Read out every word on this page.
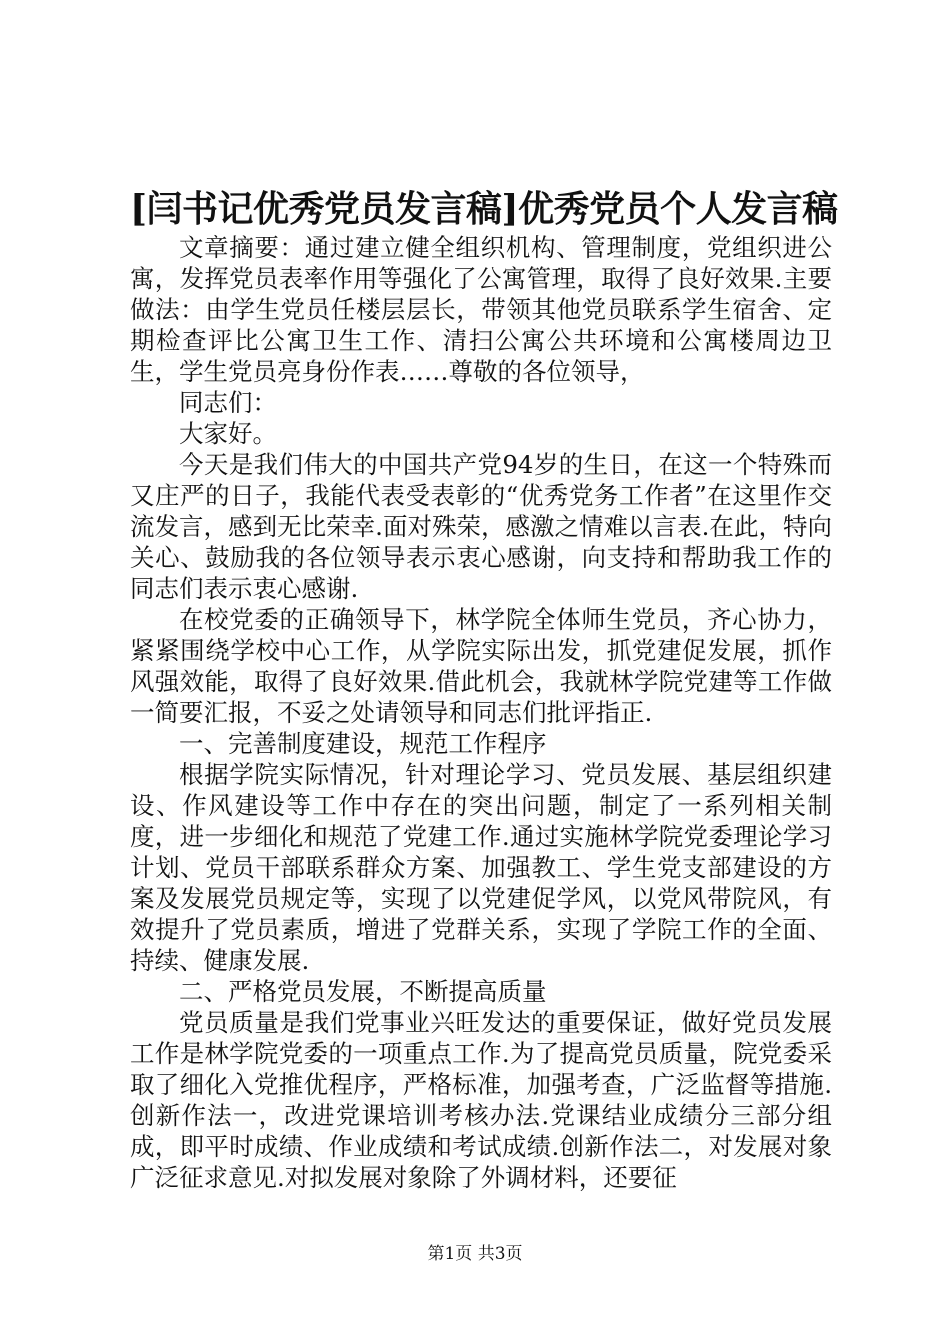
[闫书记优秀党员发言稿]优秀党员个人发言稿

文章摘要：通过建立健全组织机构、管理制度，党组织进公寓，发挥党员表率作用等强化了公寓管理，取得了良好效果.主要做法：由学生党员任楼层层长，带领其他党员联系学生宿舍、定期检查评比公寓卫生工作、清扫公寓公共环境和公寓楼周边卫生，学生党员亮身份作表……尊敬的各位领导，

同志们：

大家好。

今天是我们伟大的中国共产党94岁的生日，在这一个特殊而又庄严的日子，我能代表受表彰的“优秀党务工作者”在这里作交流发言，感到无比荣幸.面对殊荣，感激之情难以言表.在此，特向关心、鼓励我的各位领导表示衷心感谢，向支持和帮助我工作的同志们表示衷心感谢.

在校党委的正确领导下，林学院全体师生党员，齐心协力，紧紧围绕学校中心工作，从学院实际出发，抓党建促发展，抓作风强效能，取得了良好效果.借此机会，我就林学院党建等工作做一简要汇报，不妥之处请领导和同志们批评指正.

一、完善制度建设，规范工作程序

根据学院实际情况，针对理论学习、党员发展、基层组织建设、作风建设等工作中存在的突出问题，制定了一系列相关制度，进一步细化和规范了党建工作.通过实施林学院党委理论学习计划、党员干部联系群众方案、加强教工、学生党支部建设的方案及发展党员规定等，实现了以党建促学风，以党风带院风，有效提升了党员素质，增进了党群关系，实现了学院工作的全面、持续、健康发展.

二、严格党员发展，不断提高质量

党员质量是我们党事业兴旺发达的重要保证，做好党员发展工作是林学院党委的一项重点工作.为了提高党员质量，院党委采取了细化入党推优程序，严格标准，加强考查，广泛监督等措施.创新作法一，改进党课培训考核办法.党课结业成绩分三部分组成，即平时成绩、作业成绩和考试成绩.创新作法二，对发展对象广泛征求意见.对拟发展对象除了外调材料，还要征

第1页 共3页
